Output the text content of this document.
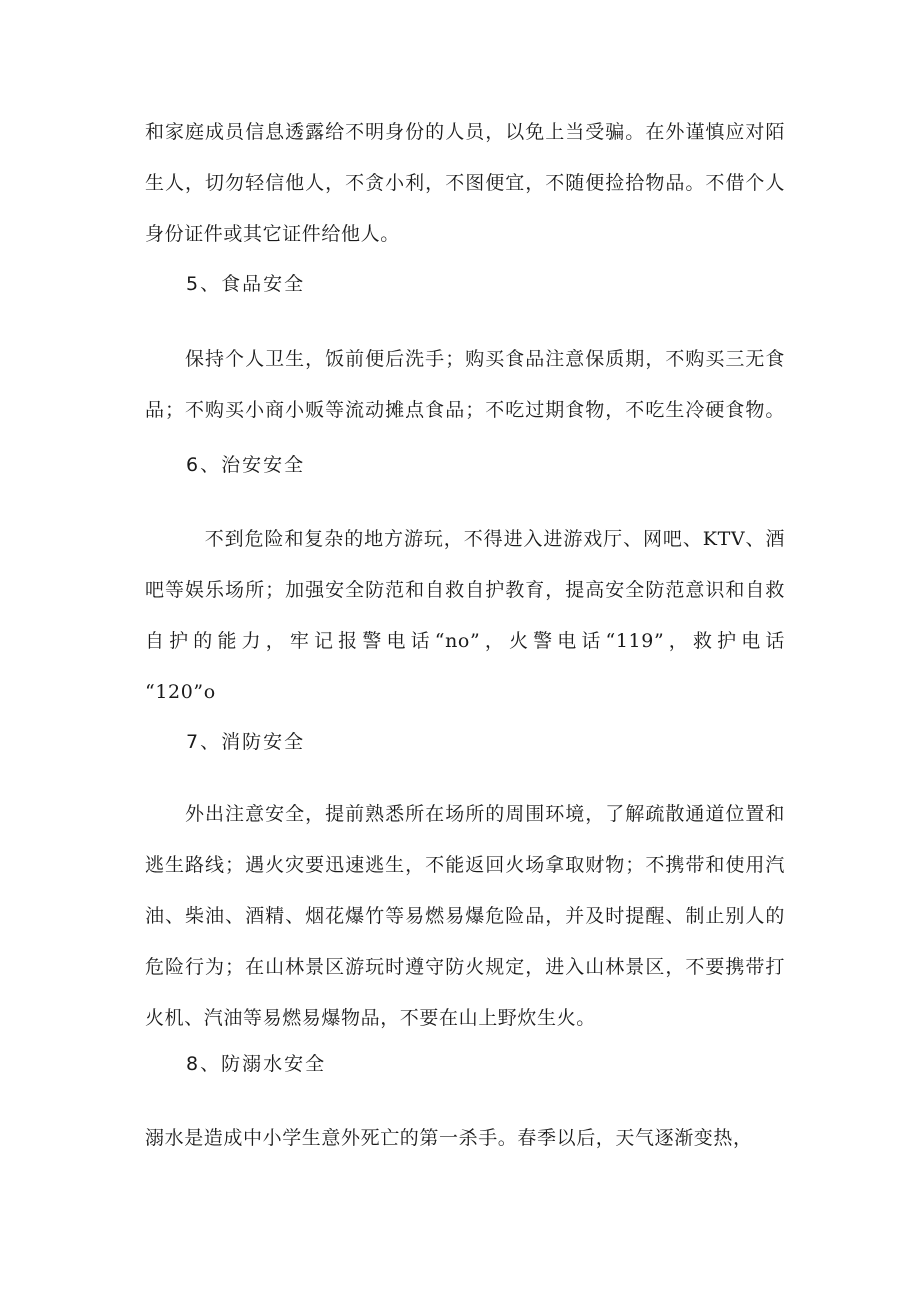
和家庭成员信息透露给不明身份的人员，以免上当受骗。在外谨慎应对陌
生人，切勿轻信他人，不贪小利，不图便宜，不随便捡拾物品。不借个人
身份证件或其它证件给他人。
5、食品安全
　　保持个人卫生，饭前便后洗手；购买食品注意保质期，不购买三无食
品；不购买小商小贩等流动摊点食品；不吃过期食物，不吃生冷硬食物。
6、治安安全
　　　不到危险和复杂的地方游玩，不得进入进游戏厅、网吧、KTV、酒
吧等娱乐场所；加强安全防范和自救自护教育，提高安全防范意识和自救
自护的能力，牢记报警电话“no”，火警电话“119”，救护电话
“120”o
7、消防安全
　　外出注意安全，提前熟悉所在场所的周围环境，了解疏散通道位置和
逃生路线；遇火灾要迅速逃生，不能返回火场拿取财物；不携带和使用汽
油、柴油、酒精、烟花爆竹等易燃易爆危险品，并及时提醒、制止别人的
危险行为；在山林景区游玩时遵守防火规定，进入山林景区，不要携带打
火机、汽油等易燃易爆物品，不要在山上野炊生火。
8、防溺水安全
溺水是造成中小学生意外死亡的第一杀手。春季以后，天气逐渐变热，
